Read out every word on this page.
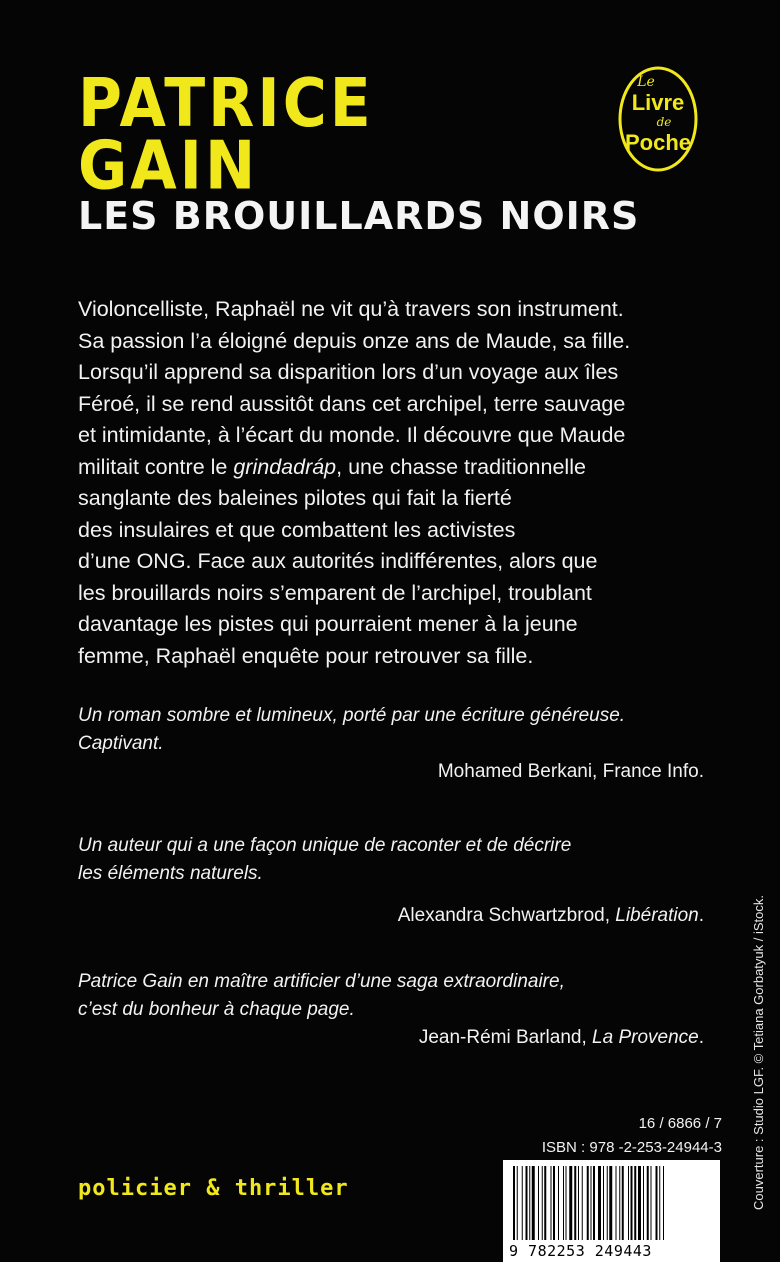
PATRICE
GAIN
LES BROUILLARDS NOIRS
Le
Livre
de
Poche

Violoncelliste, Raphaël ne vit qu’à travers son instrument.

Sa passion l’a éloigné depuis onze ans de Maude, sa fille.

Lorsqu’il apprend sa disparition lors d’un voyage aux îles

Féroé, il se rend aussitôt dans cet archipel, terre sauvage

et intimidante, à l’écart du monde. Il découvre que Maude

militait contre le grindadráp, une chasse traditionnelle

sanglante des baleines pilotes qui fait la fierté

des insulaires et que combattent les activistes

d’une ONG. Face aux autorités indifférentes, alors que

les brouillards noirs s’emparent de l’archipel, troublant

davantage les pistes qui pourraient mener à la jeune

femme, Raphaël enquête pour retrouver sa fille.

Un roman sombre et lumineux, porté par une écriture généreuse.

Captivant.

Mohamed Berkani, France Info.

Un auteur qui a une façon unique de raconter et de décrire

les éléments naturels.

Alexandra Schwartzbrod, Libération.

Patrice Gain en maître artificier d’une saga extraordinaire,

c’est du bonheur à chaque page.

Jean-Rémi Barland, La Provence.

16 / 6866 / 7
ISBN : 978 -2-253-24944-3
policier & thriller
9 782253 249443
Couverture : Studio LGF. © Tetiana Gorbatyuk / iStock.
